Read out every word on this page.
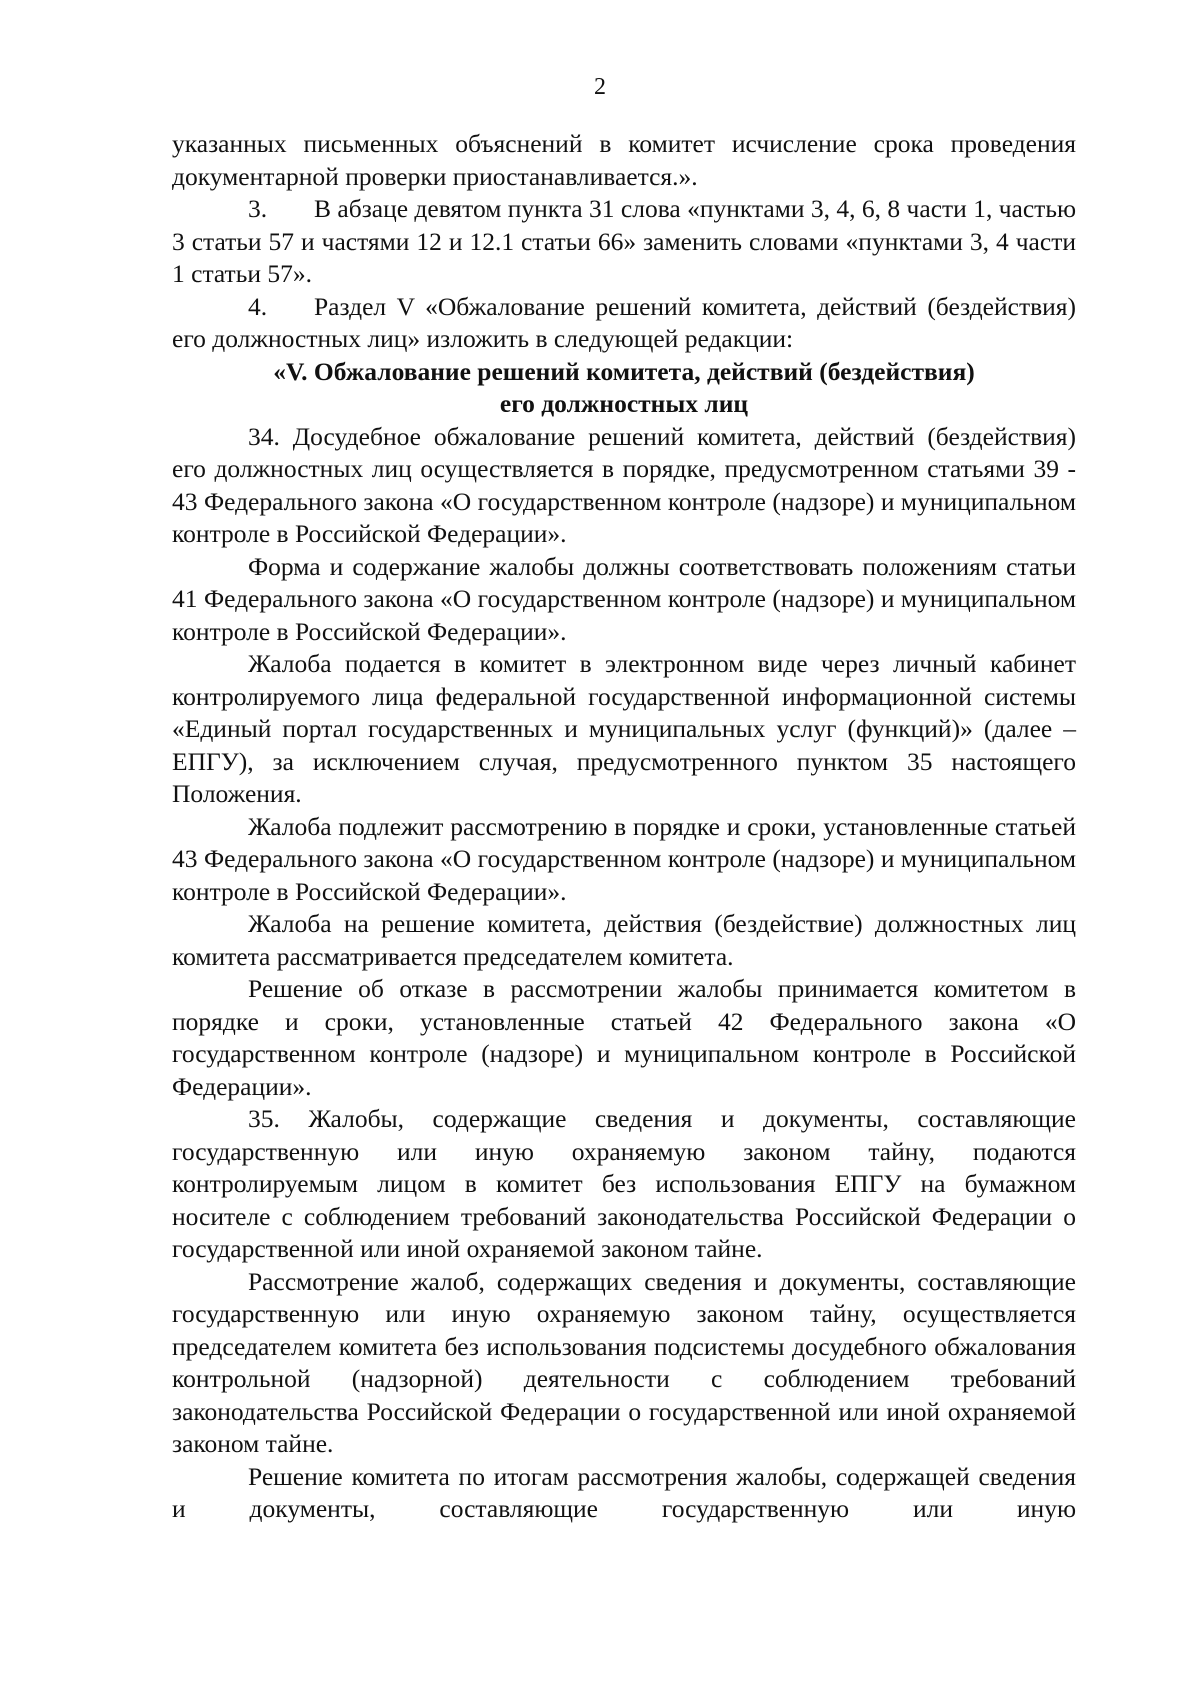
2

указанных письменных объяснений в комитет исчисление срока проведения документарной проверки приостанавливается.».

3. В абзаце девятом пункта 31 слова «пунктами 3, 4, 6, 8 части 1, частью 3 статьи 57 и частями 12 и 12.1 статьи 66» заменить словами «пунктами 3, 4 части 1 статьи 57».

4. Раздел V «Обжалование решений комитета, действий (бездействия) его должностных лиц» изложить в следующей редакции:

«V. Обжалование решений комитета, действий (бездействия)
его должностных лиц

34. Досудебное обжалование решений комитета, действий (бездействия) его должностных лиц осуществляется в порядке, предусмотренном статьями 39 - 43 Федерального закона «О государственном контроле (надзоре) и муниципальном контроле в Российской Федерации».

Форма и содержание жалобы должны соответствовать положениям статьи 41 Федерального закона «О государственном контроле (надзоре) и муниципальном контроле в Российской Федерации».

Жалоба подается в комитет в электронном виде через личный кабинет контролируемого лица федеральной государственной информационной системы «Единый портал государственных и муниципальных услуг (функций)» (далее – ЕПГУ), за исключением случая, предусмотренного пунктом 35 настоящего Положения.

Жалоба подлежит рассмотрению в порядке и сроки, установленные статьей 43 Федерального закона «О государственном контроле (надзоре) и муниципальном контроле в Российской Федерации».

Жалоба на решение комитета, действия (бездействие) должностных лиц комитета рассматривается председателем комитета.

Решение об отказе в рассмотрении жалобы принимается комитетом в порядке и сроки, установленные статьей 42 Федерального закона «О государственном контроле (надзоре) и муниципальном контроле в Российской Федерации».

35. Жалобы, содержащие сведения и документы, составляющие государственную или иную охраняемую законом тайну, подаются контролируемым лицом в комитет без использования ЕПГУ на бумажном носителе с соблюдением требований законодательства Российской Федерации о государственной или иной охраняемой законом тайне.

Рассмотрение жалоб, содержащих сведения и документы, составляющие государственную или иную охраняемую законом тайну, осуществляется председателем комитета без использования подсистемы досудебного обжалования контрольной (надзорной) деятельности с соблюдением требований законодательства Российской Федерации о государственной или иной охраняемой законом тайне.

Решение комитета по итогам рассмотрения жалобы, содержащей сведения и документы, составляющие государственную или иную
